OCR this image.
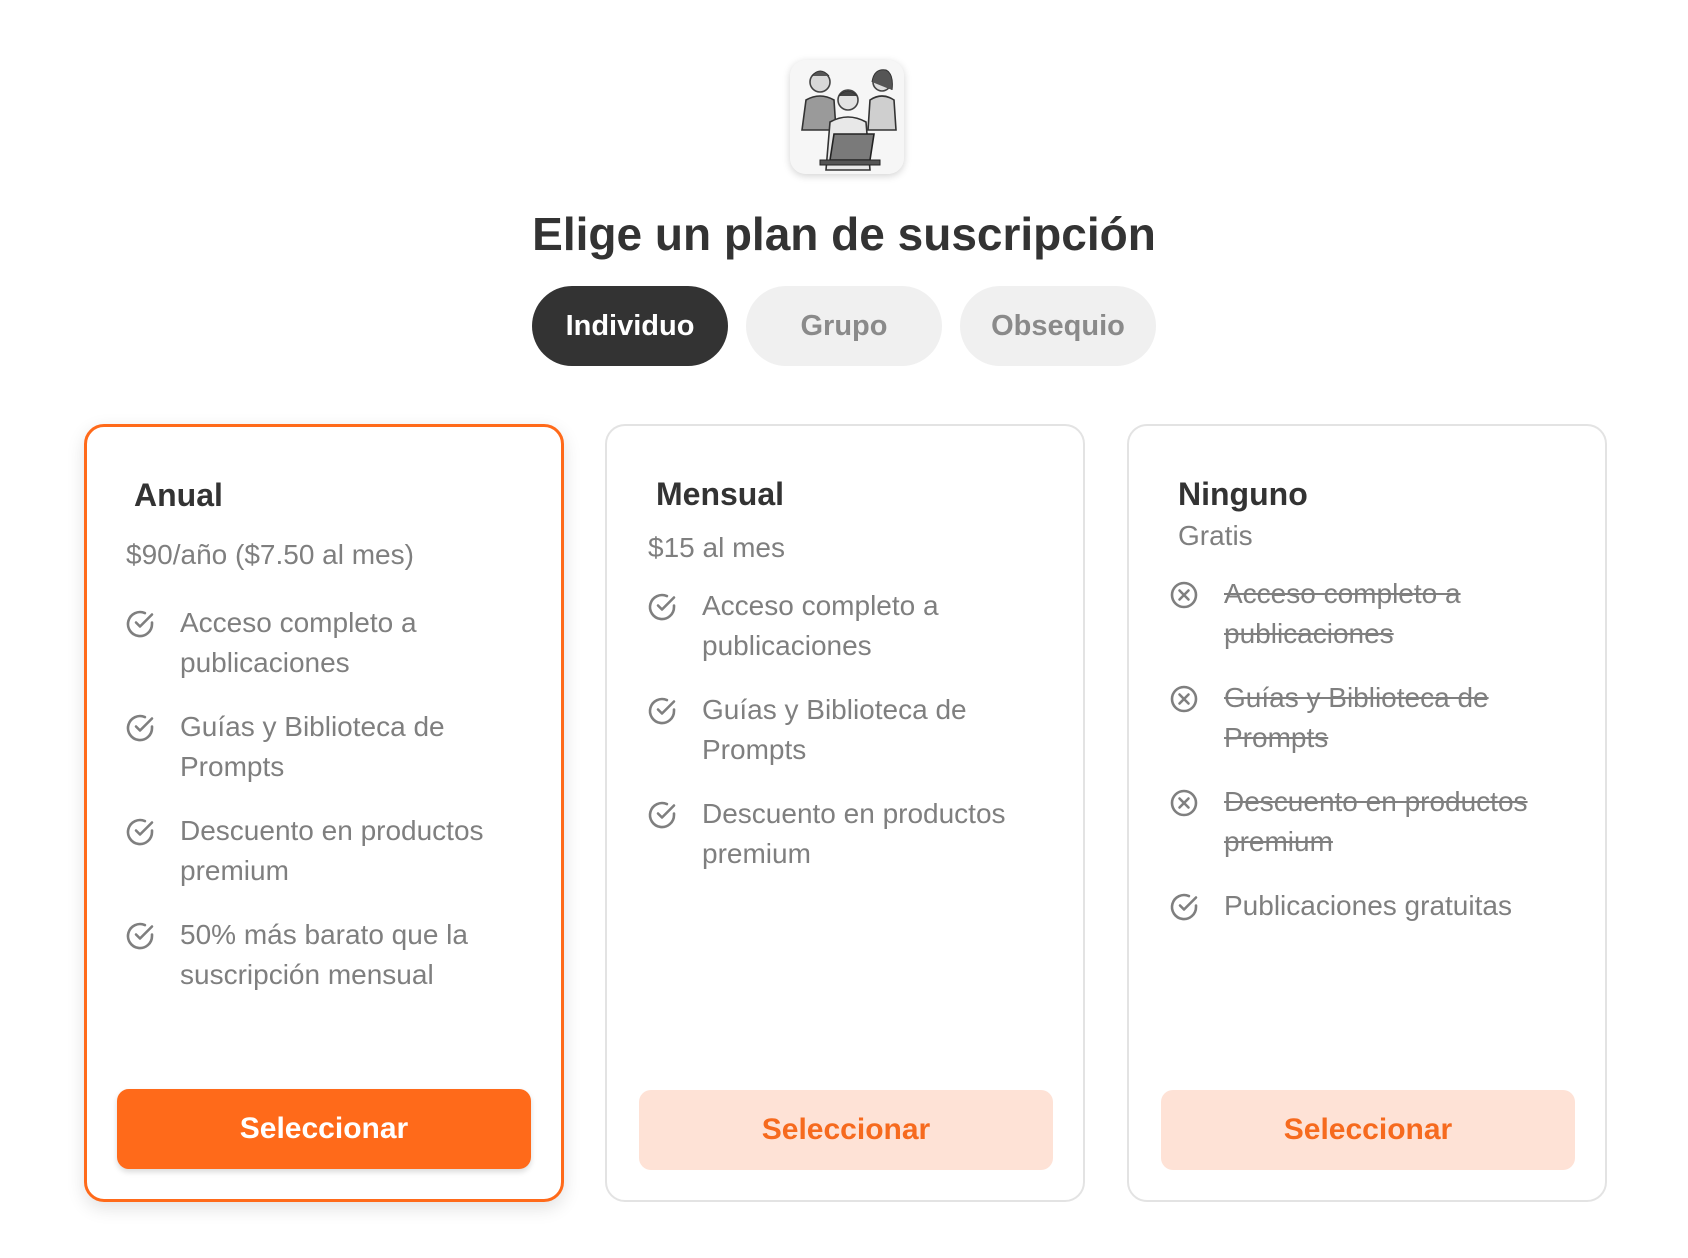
Elige un plan de suscripción
Individuo	Grupo	Obsequio
Anual
$90/año ($7.50 al mes)
Acceso completo a publicaciones
Guías y Biblioteca de Prompts
Descuento en productos premium
50% más barato que la suscripción mensual
Seleccionar
Mensual
$15 al mes
Acceso completo a publicaciones
Guías y Biblioteca de Prompts
Descuento en productos premium
Seleccionar
Ninguno
Gratis
Acceso completo a publicaciones
Guías y Biblioteca de Prompts
Descuento en productos premium
Publicaciones gratuitas
Seleccionar
